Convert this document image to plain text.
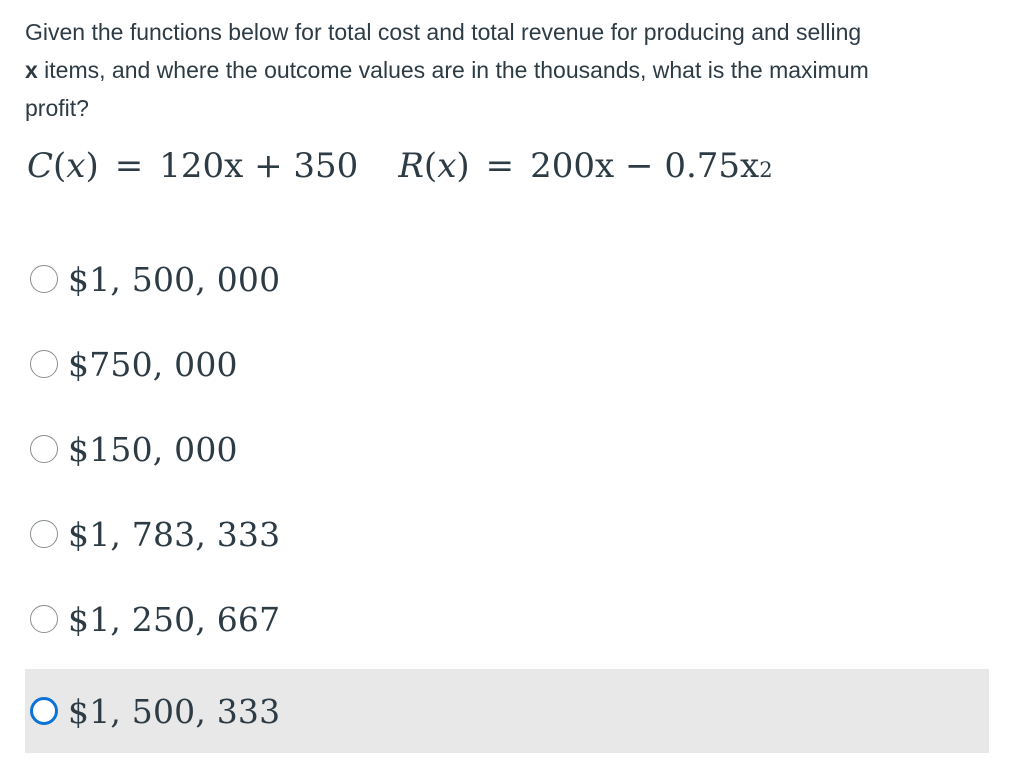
Given the functions below for total cost and total revenue for producing and selling
x items, and where the outcome values are in the thousands, what is the maximum
profit?
C ( x ) = 120x + 350 R ( x ) = 200x − 0.75x 2
$1, 500, 000
$750, 000
$150, 000
$1, 783, 333
$1, 250, 667
$1, 500, 333
